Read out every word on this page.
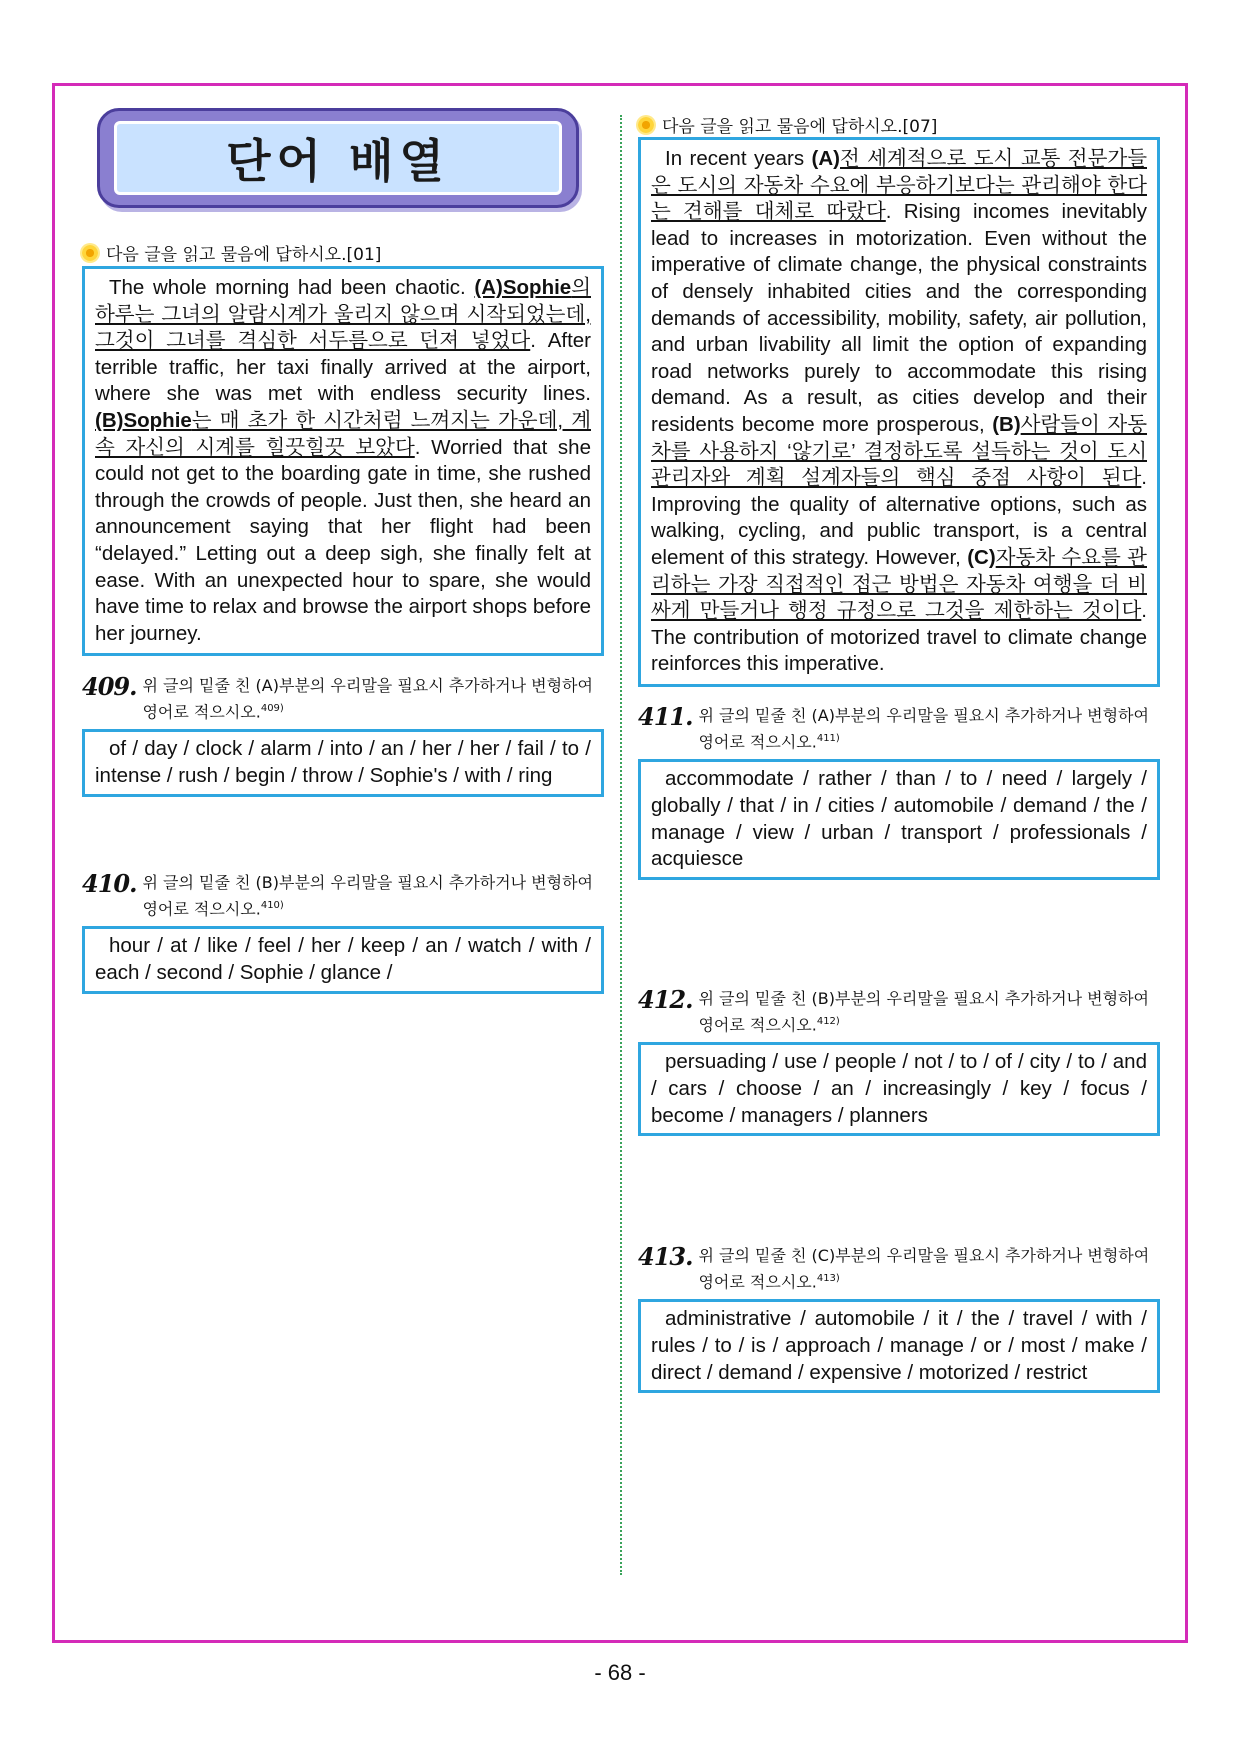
단어 배열
다음 글을 읽고 물음에 답하시오.[01]
The whole morning had been chaotic. (A)Sophie의 하루는 그녀의 알람시계가 울리지 않으며 시작되었는데, 그것이 그녀를 격심한 서두름으로 던져 넣었다. After terrible traffic, her taxi finally arrived at the airport, where she was met with endless security lines. (B)Sophie는 매 초가 한 시간처럼 느껴지는 가운데, 계속 자신의 시계를 힐끗힐끗 보았다. Worried that she could not get to the boarding gate in time, she rushed through the crowds of people. Just then, she heard an announcement saying that her flight had been “delayed.” Letting out a deep sigh, she finally felt at ease. With an unexpected hour to spare, she would have time to relax and browse the airport shops before her journey.
409. 위 글의 밑줄 친 (A)부분의 우리말을 필요시 추가하거나 변형하여 영어로 적으시오.$^{409)}$
of / day / clock / alarm / into / an / her / her / fail / to / intense / rush / begin / throw / Sophie's / with / ring
410. 위 글의 밑줄 친 (B)부분의 우리말을 필요시 추가하거나 변형하여 영어로 적으시오.$^{410)}$
hour / at / like / feel / her / keep / an / watch / with / each / second / Sophie / glance /
다음 글을 읽고 물음에 답하시오.[07]
In recent years (A)전 세계적으로 도시 교통 전문가들은 도시의 자동차 수요에 부응하기보다는 관리해야 한다는 견해를 대체로 따랐다. Rising incomes inevitably lead to increases in motorization. Even without the imperative of climate change, the physical constraints of densely inhabited cities and the corresponding demands of accessibility, mobility, safety, air pollution, and urban livability all limit the option of expanding road networks purely to accommodate this rising demand. As a result, as cities develop and their residents become more prosperous, (B)사람들이 자동차를 사용하지 ‘않기로’ 결정하도록 설득하는 것이 도시 관리자와 계획 설계자들의 핵심 중점 사항이 된다. Improving the quality of alternative options, such as walking, cycling, and public transport, is a central element of this strategy. However, (C)자동차 수요를 관리하는 가장 직접적인 접근 방법은 자동차 여행을 더 비싸게 만들거나 행정 규정으로 그것을 제한하는 것이다. The contribution of motorized travel to climate change reinforces this imperative.
411. 위 글의 밑줄 친 (A)부분의 우리말을 필요시 추가하거나 변형하여 영어로 적으시오.$^{411)}$
accommodate / rather / than / to / need / largely / globally / that / in / cities / automobile / demand / the / manage / view / urban / transport / professionals / acquiesce
412. 위 글의 밑줄 친 (B)부분의 우리말을 필요시 추가하거나 변형하여 영어로 적으시오.$^{412)}$
persuading / use / people / not / to / of / city / to / and / cars / choose / an / increasingly / key / focus / become / managers / planners
413. 위 글의 밑줄 친 (C)부분의 우리말을 필요시 추가하거나 변형하여 영어로 적으시오.$^{413)}$
administrative / automobile / it / the / travel / with / rules / to / is / approach / manage / or / most / make / direct / demand / expensive / motorized / restrict
- 68 -
